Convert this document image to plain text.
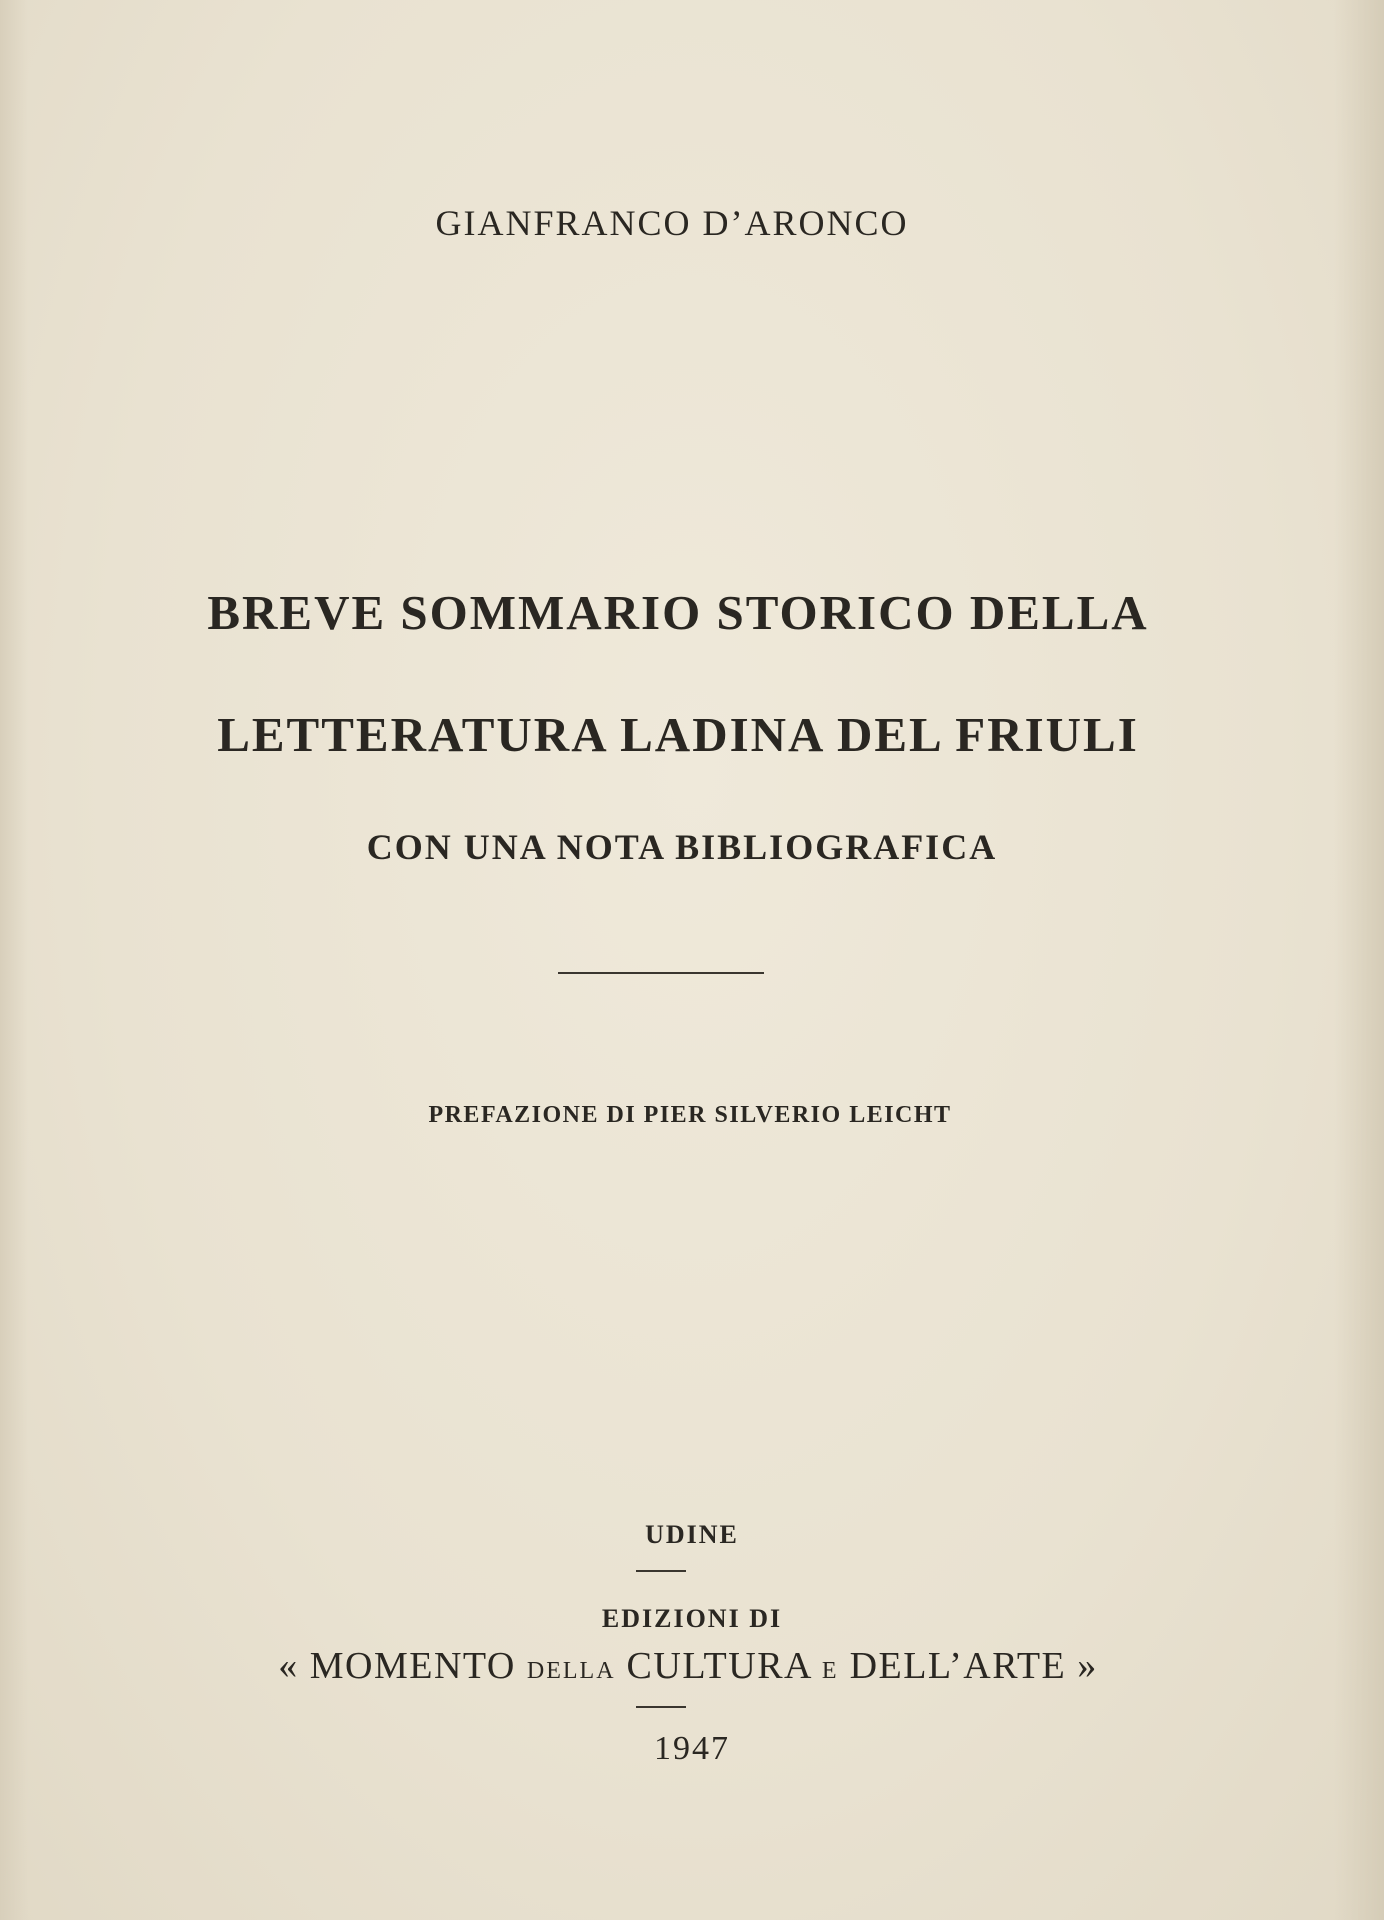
GIANFRANCO D’ARONCO
BREVE SOMMARIO STORICO DELLA
LETTERATURA LADINA DEL FRIULI
CON UNA NOTA BIBLIOGRAFICA
PREFAZIONE DI PIER SILVERIO LEICHT
UDINE
EDIZIONI DI
« MOMENTO DELLA CULTURA E DELL’ARTE »
1947
